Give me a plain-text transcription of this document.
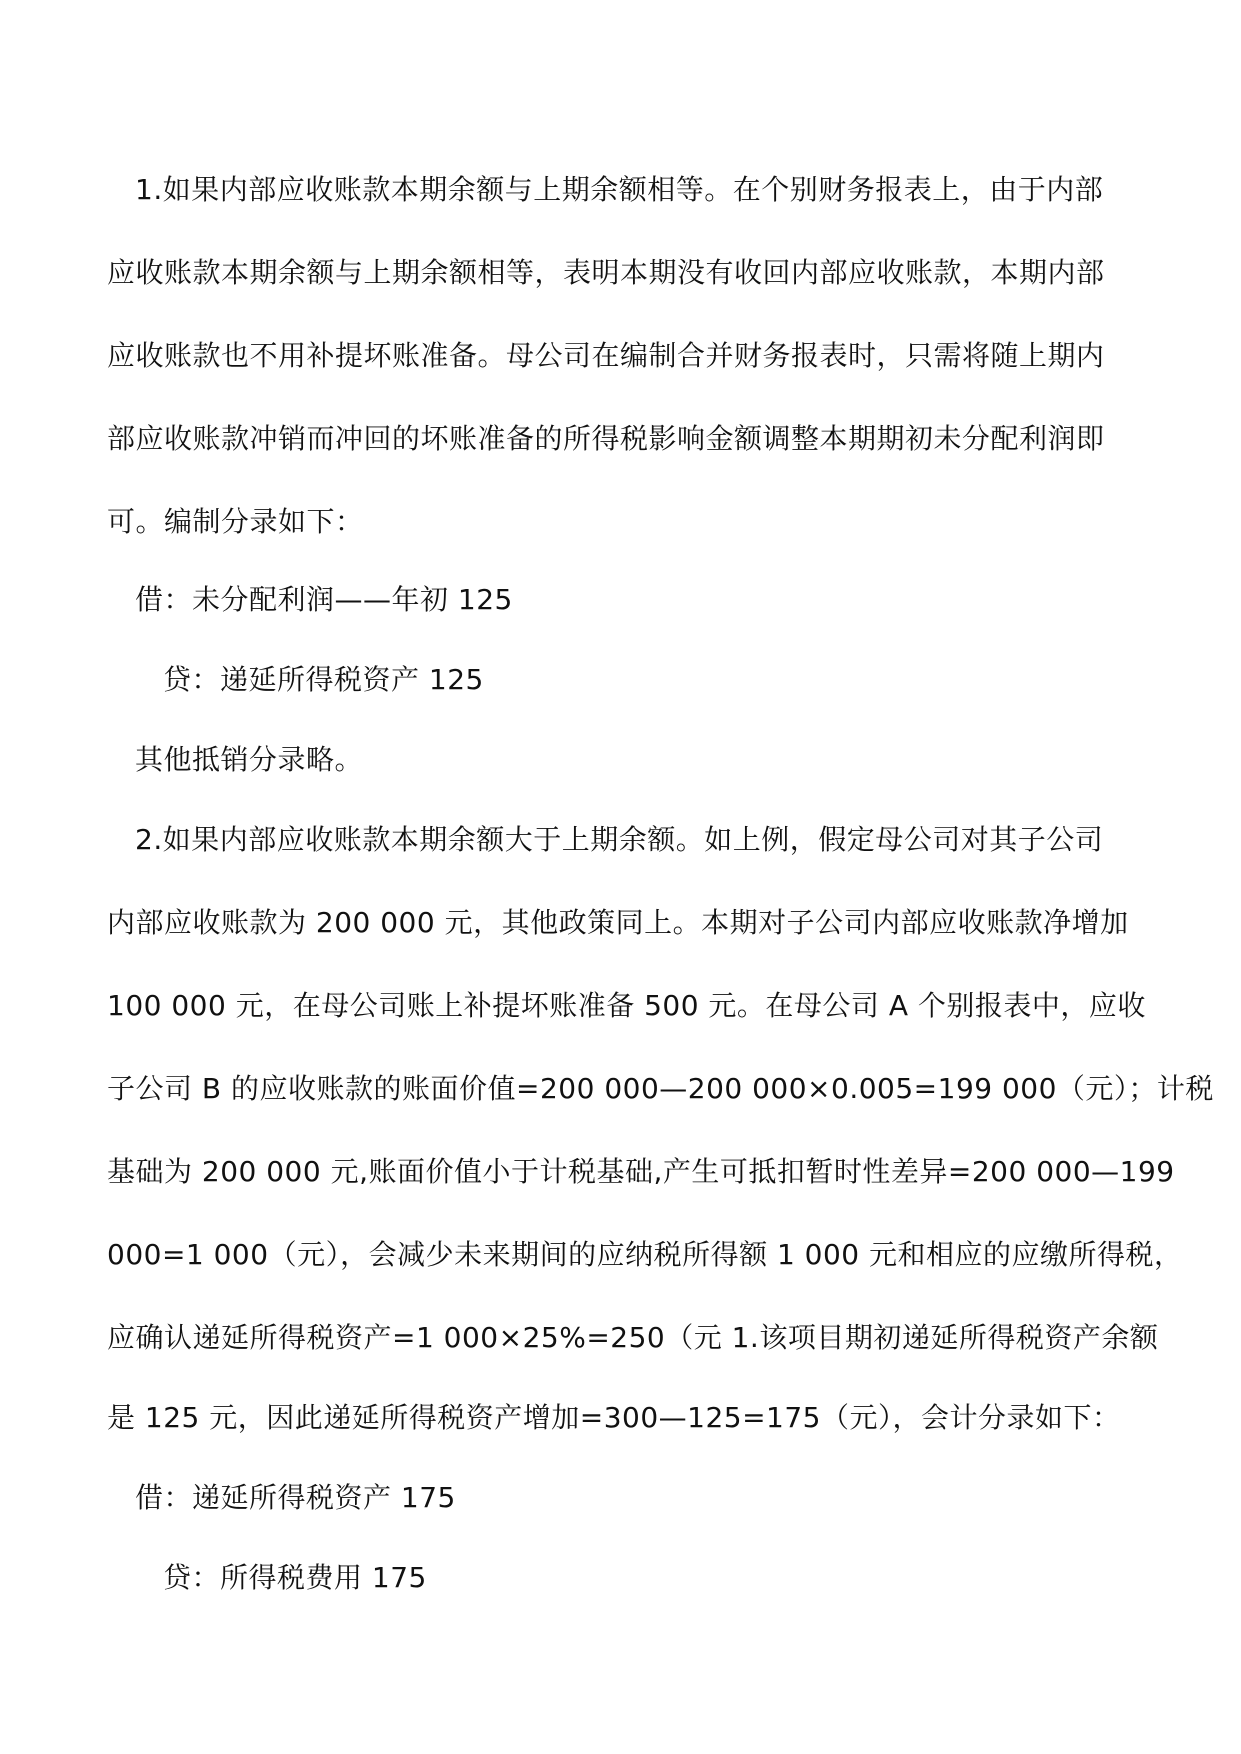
1.如果内部应收账款本期余额与上期余额相等。在个别财务报表上，由于内部
应收账款本期余额与上期余额相等，表明本期没有收回内部应收账款，本期内部
应收账款也不用补提坏账准备。母公司在编制合并财务报表时，只需将随上期内
部应收账款冲销而冲回的坏账准备的所得税影响金额调整本期期初未分配利润即
可。编制分录如下：
借：未分配利润——年初 125
贷：递延所得税资产 125
其他抵销分录略。
2.如果内部应收账款本期余额大于上期余额。如上例，假定母公司对其子公司
内部应收账款为 200 000 元，其他政策同上。本期对子公司内部应收账款净增加
100 000 元，在母公司账上补提坏账准备 500 元。在母公司 A 个别报表中，应收
子公司 B 的应收账款的账面价值=200 000—200 000×0.005=199 000（元）；计税
基础为 200 000 元,账面价值小于计税基础,产生可抵扣暂时性差异=200 000—199
000=1 000（元），会减少未来期间的应纳税所得额 1 000 元和相应的应缴所得税，
应确认递延所得税资产=1 000×25%=250（元 1.该项目期初递延所得税资产余额
是 125 元，因此递延所得税资产增加=300—125=175（元），会计分录如下：
借：递延所得税资产 175
贷：所得税费用 175
